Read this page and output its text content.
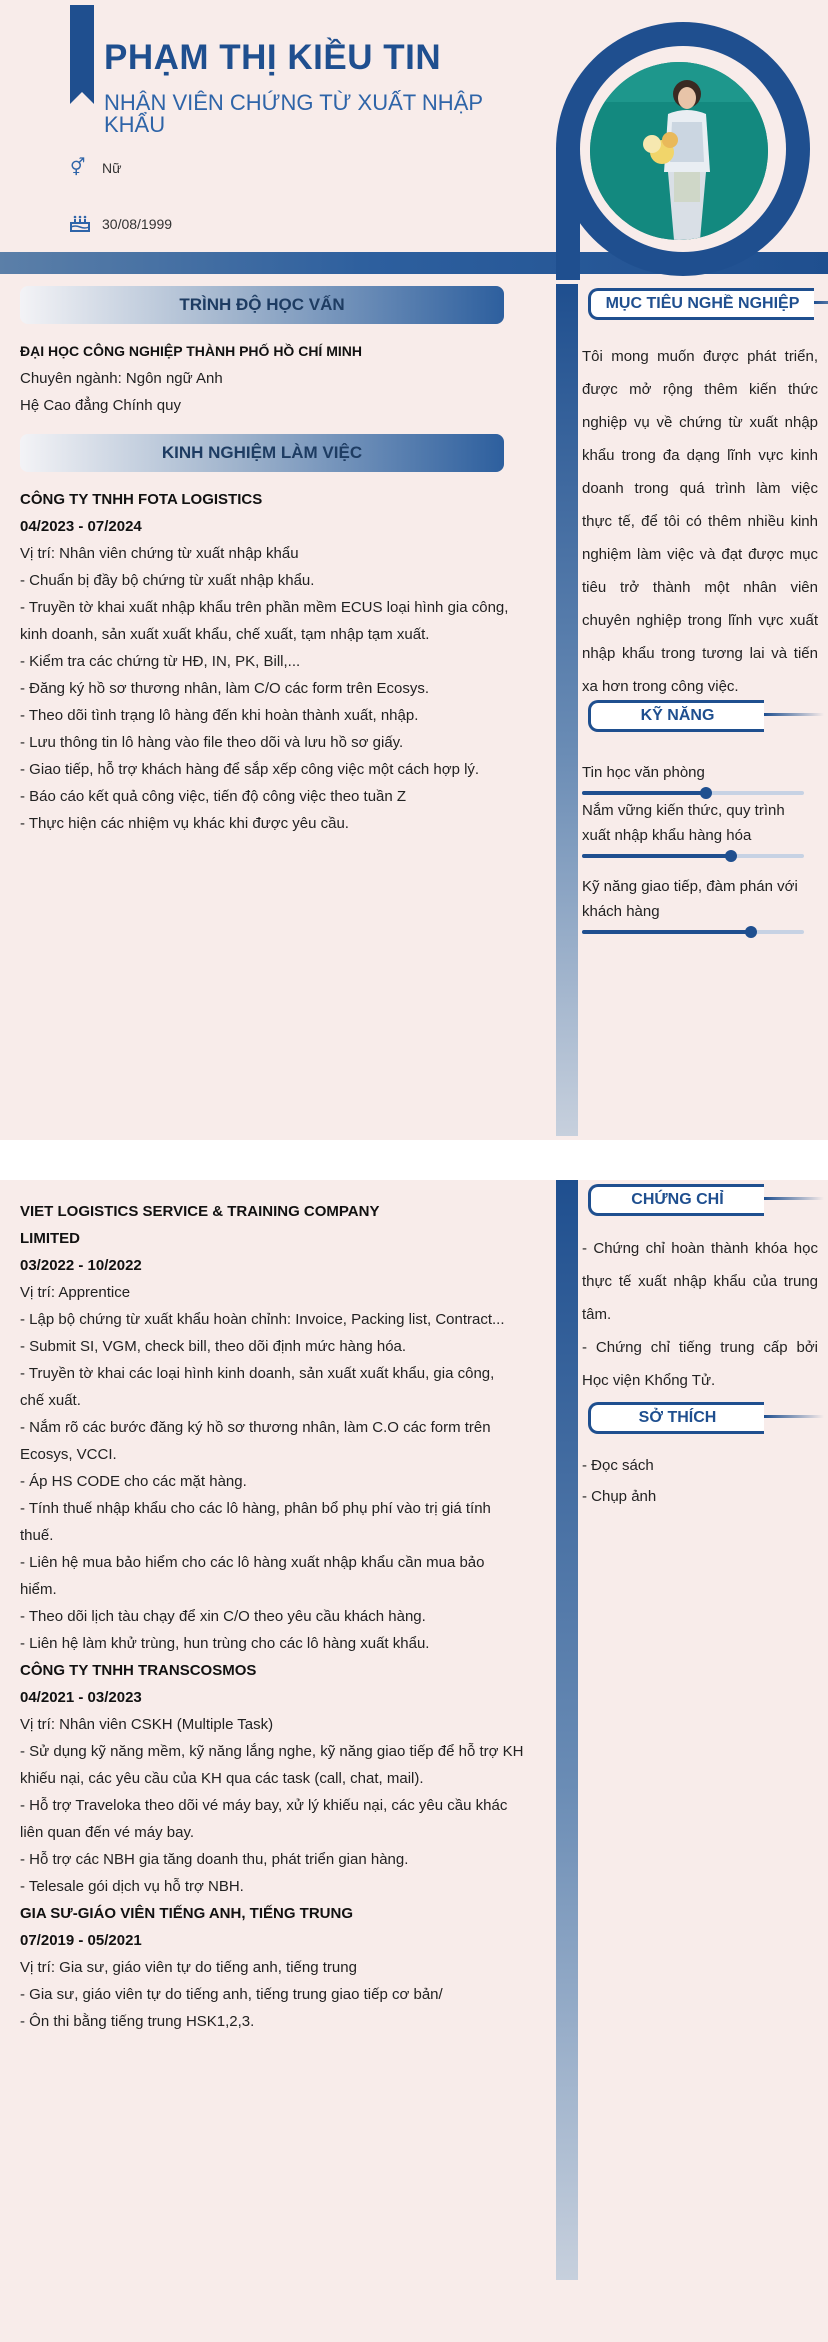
PHẠM THỊ KIỀU TIN
NHÂN VIÊN CHỨNG TỪ XUẤT NHẬP KHẨU
⚥	Nữ
30/08/1999
TRÌNH ĐỘ HỌC VẤN
ĐẠI HỌC CÔNG NGHIỆP THÀNH PHỐ HỒ CHÍ MINH
Chuyên ngành: Ngôn ngữ Anh
Hệ Cao đẳng Chính quy
KINH NGHIỆM LÀM VIỆC
CÔNG TY TNHH FOTA LOGISTICS
04/2023 - 07/2024
Vị trí: Nhân viên chứng từ xuất nhập khẩu
- Chuẩn bị đầy bộ chứng từ xuất nhập khẩu.
- Truyền tờ khai xuất nhập khẩu trên phần mềm ECUS loại hình gia công,
kinh doanh, sản xuất xuất khẩu, chế xuất, tạm nhập tạm xuất.
- Kiểm tra các chứng từ HĐ, IN, PK, Bill,...
- Đăng ký hồ sơ thương nhân, làm C/O các form trên Ecosys.
- Theo dõi tình trạng lô hàng đến khi hoàn thành xuất, nhập.
- Lưu thông tin lô hàng vào file theo dõi và lưu hồ sơ giấy.
- Giao tiếp, hỗ trợ khách hàng để sắp xếp công việc một cách hợp lý.
- Báo cáo kết quả công việc, tiến độ công việc theo tuần Z
- Thực hiện các nhiệm vụ khác khi được yêu cầu.
MỤC TIÊU NGHỀ NGHIỆP
Tôi mong muốn được phát triển, được mở rộng thêm kiến thức nghiệp vụ về chứng từ xuất nhập khẩu trong đa dạng lĩnh vực kinh doanh trong quá trình làm việc thực tế, để tôi có thêm nhiều kinh nghiệm làm việc và đạt được mục tiêu trở thành một nhân viên chuyên nghiệp trong lĩnh vực xuất nhập khẩu trong tương lai và tiến xa hơn trong công việc.
KỸ NĂNG
Tin học văn phòng
Nắm vững kiến thức, quy trình xuất nhập khẩu hàng hóa
Kỹ năng giao tiếp, đàm phán với khách hàng
VIET LOGISTICS SERVICE & TRAINING COMPANY
LIMITED
03/2022 - 10/2022
Vị trí: Apprentice
- Lập bộ chứng từ xuất khẩu hoàn chỉnh: Invoice, Packing list, Contract...
- Submit SI, VGM, check bill, theo dõi định mức hàng hóa.
- Truyền tờ khai các loại hình kinh doanh, sản xuất xuất khẩu, gia công,
chế xuất.
- Nắm rõ các bước đăng ký hồ sơ thương nhân, làm C.O các form trên
Ecosys, VCCI.
- Áp HS CODE cho các mặt hàng.
- Tính thuế nhập khẩu cho các lô hàng, phân bổ phụ phí vào trị giá tính
thuế.
- Liên hệ mua bảo hiểm cho các lô hàng xuất nhập khẩu cần mua bảo
hiểm.
- Theo dõi lịch tàu chạy để xin C/O theo yêu cầu khách hàng.
- Liên hệ làm khử trùng, hun trùng cho các lô hàng xuất khẩu.
CÔNG TY TNHH TRANSCOSMOS
04/2021 - 03/2023
Vị trí: Nhân viên CSKH (Multiple Task)
- Sử dụng kỹ năng mềm, kỹ năng lắng nghe, kỹ năng giao tiếp để hỗ trợ KH
khiếu nại, các yêu cầu của KH qua các task (call, chat, mail).
- Hỗ trợ Traveloka theo dõi vé máy bay, xử lý khiếu nại, các yêu cầu khác
liên quan đến vé máy bay.
- Hỗ trợ các NBH gia tăng doanh thu, phát triển gian hàng.
- Telesale gói dịch vụ hỗ trợ NBH.
GIA SƯ-GIÁO VIÊN TIẾNG ANH, TIẾNG TRUNG
07/2019 - 05/2021
Vị trí: Gia sư, giáo viên tự do tiếng anh, tiếng trung
- Gia sư, giáo viên tự do tiếng anh, tiếng trung giao tiếp cơ bản/
- Ôn thi bằng tiếng trung HSK1,2,3.
CHỨNG CHỈ
- Chứng chỉ hoàn thành khóa học thực tế xuất nhập khẩu của trung tâm.
- Chứng chỉ tiếng trung cấp bởi Học viện Khổng Tử.
SỞ THÍCH
- Đọc sách
- Chụp ảnh
